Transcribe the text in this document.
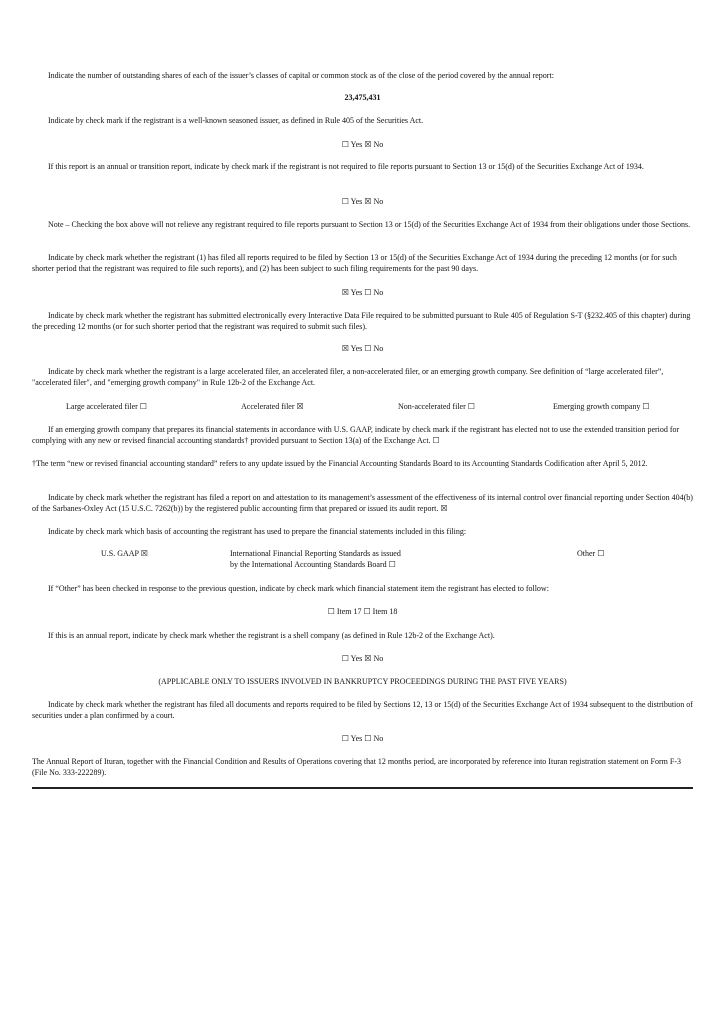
Indicate the number of outstanding shares of each of the issuer’s classes of capital or common stock as of the close of the period covered by the annual report:

23,475,431

Indicate by check mark if the registrant is a well-known seasoned issuer, as defined in Rule 405 of the Securities Act.

☐ Yes ☒ No

If this report is an annual or transition report, indicate by check mark if the registrant is not required to file reports pursuant to Section 13 or 15(d) of the Securities Exchange Act of 1934.

☐ Yes ☒ No

Note – Checking the box above will not relieve any registrant required to file reports pursuant to Section 13 or 15(d) of the Securities Exchange Act of 1934 from their obligations under those Sections.

Indicate by check mark whether the registrant (1) has filed all reports required to be filed by Section 13 or 15(d) of the Securities Exchange Act of 1934 during the preceding 12 months (or for such shorter period that the registrant was required to file such reports), and (2) has been subject to such filing requirements for the past 90 days.

☒ Yes ☐ No

Indicate by check mark whether the registrant has submitted electronically every Interactive Data File required to be submitted pursuant to Rule 405 of Regulation S-T (§232.405 of this chapter) during the preceding 12 months (or for such shorter period that the registrant was required to submit such files).

☒ Yes ☐ No

Indicate by check mark whether the registrant is a large accelerated filer, an accelerated filer, a non-accelerated filer, or an emerging growth company. See definition of “large accelerated filer”, "accelerated filer", and "emerging growth company" in Rule 12b-2 of the Exchange Act.

Large accelerated filer ☐	Accelerated filer ☒	Non-accelerated filer ☐	Emerging growth company ☐

If an emerging growth company that prepares its financial statements in accordance with U.S. GAAP, indicate by check mark if the registrant has elected not to use the extended transition period for complying with any new or revised financial accounting standards† provided pursuant to Section 13(a) of the Exchange Act. ☐

†The term “new or revised financial accounting standard” refers to any update issued by the Financial Accounting Standards Board to its Accounting Standards Codification after April 5, 2012.

Indicate by check mark whether the registrant has filed a report on and attestation to its management’s assessment of the effectiveness of its internal control over financial reporting under Section 404(b) of the Sarbanes-Oxley Act (15 U.S.C. 7262(b)) by the registered public accounting firm that prepared or issued its audit report. ☒

Indicate by check mark which basis of accounting the registrant has used to prepare the financial statements included in this filing:

U.S. GAAP ☒	International Financial Reporting Standards as issued
by the International Accounting Standards Board ☐
Other ☐

If “Other” has been checked in response to the previous question, indicate by check mark which financial statement item the registrant has elected to follow:

☐ Item 17 ☐ Item 18

If this is an annual report, indicate by check mark whether the registrant is a shell company (as defined in Rule 12b-2 of the Exchange Act).

☐ Yes ☒ No

(APPLICABLE ONLY TO ISSUERS INVOLVED IN BANKRUPTCY PROCEEDINGS DURING THE PAST FIVE YEARS)

Indicate by check mark whether the registrant has filed all documents and reports required to be filed by Sections 12, 13 or 15(d) of the Securities Exchange Act of 1934 subsequent to the distribution of securities under a plan confirmed by a court.

☐ Yes ☐ No

The Annual Report of Ituran, together with the Financial Condition and Results of Operations covering that 12 months period, are incorporated by reference into Ituran registration statement on Form F-3 (File No. 333-222289).
